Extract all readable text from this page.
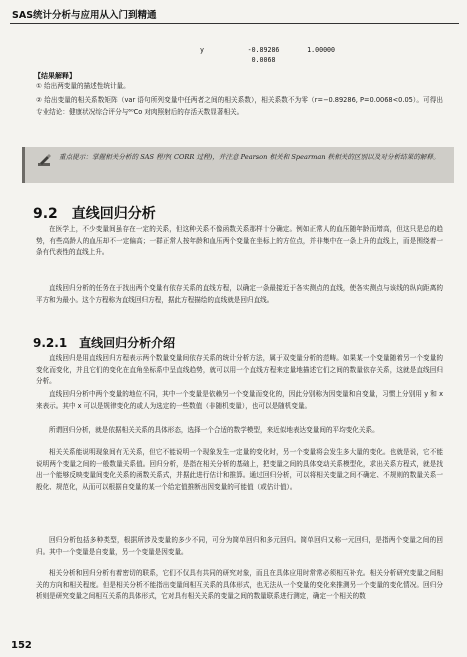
SAS统计分析与应用从入门到精通
y           -0.89286       1.00000
0.0068
【结果解释】
① 给出两变量的描述性统计量。
② 给出变量的相关系数矩阵（var 语句所列变量中任两者之间的相关系数），相关系数不为零（r=−0.89286, P=0.0068<0.05）。可得出专业结论：健康状况综合评分与⁶⁰Co 对肉照射后的存活天数显著相关。
重点提示：掌握相关分析的 SAS 程序( CORR 过程)，并注意 Pearson 相关和 Spearman 秩相关的区别以及对分析结果的解释。
9.2　直线回归分析
在医学上，不少变量间虽存在一定的关系，但这种关系不像函数关系那样十分确定。例如正常人的血压随年龄而增高，但这只是总的趋势，有些高龄人的血压却不一定偏高；一群正常人按年龄和血压两个变量在坐标上的方位点，并非集中在一条上升的直线上，而是围绕着一条有代表性的直线上升。
直线回归分析的任务在于找出两个变量有依存关系的直线方程，以确定一条最接近于各实测点的直线，使各实测点与该线的纵向距离的平方和为最小。这个方程称为直线回归方程，据此方程描绘的直线就是回归直线。
9.2.1　直线回归分析介绍
直线回归是用直线回归方程表示两个数量变量间依存关系的统计分析方法，属于双变量分析的范畴。如果某一个变量随着另一个变量的变化而变化，并且它们的变化在直角坐标系中呈直线趋势，就可以用一个直线方程来定量地描述它们之间的数量依存关系，这就是直线回归分析。
直线回归分析中两个变量的地位不同，其中一个变量是依赖另一个变量而变化的，因此分别称为因变量和自变量，习惯上分别用 y 和 x 来表示。其中 x 可以是规律变化的或人为选定的一些数值（非随机变量），也可以是随机变量。
所谓回归分析，就是依据相关关系的具体形态，选择一个合适的数学模型，来近似地表达变量间的平均变化关系。
相关关系能说明现象间有无关系，但它不能说明一个现象发生一定量的变化时，另一个变量将会发生多大量的变化。也就是说，它不能说明两个变量之间的一般数量关系值。回归分析，是指在相关分析的基础上，把变量之间的具体变动关系模型化，求出关系方程式，就是找出一个能够反映变量间变化关系的函数关系式，并据此进行估计和推算。通过回归分析，可以将相关变量之间不确定、不规则的数量关系一般化、规范化，从而可以根据自变量的某一个给定值推断出因变量的可能值（或估计值）。
回归分析包括多种类型，根据所涉及变量的多少不同，可分为简单回归和多元回归。简单回归又称一元回归，是指两个变量之间的回归。其中一个变量是自变量，另一个变量是因变量。
相关分析和回归分析有着密切的联系，它们不仅具有共同的研究对象，而且在具体应用时常常必须相互补充。相关分析研究变量之间相关的方向和相关程度。但是相关分析不能指出变量间相互关系的具体形式，也无法从一个变量的变化来推测另一个变量的变化情况。回归分析则是研究变量之间相互关系的具体形式，它对具有相关关系的变量之间的数量联系进行测定，确定一个相关的数
152
